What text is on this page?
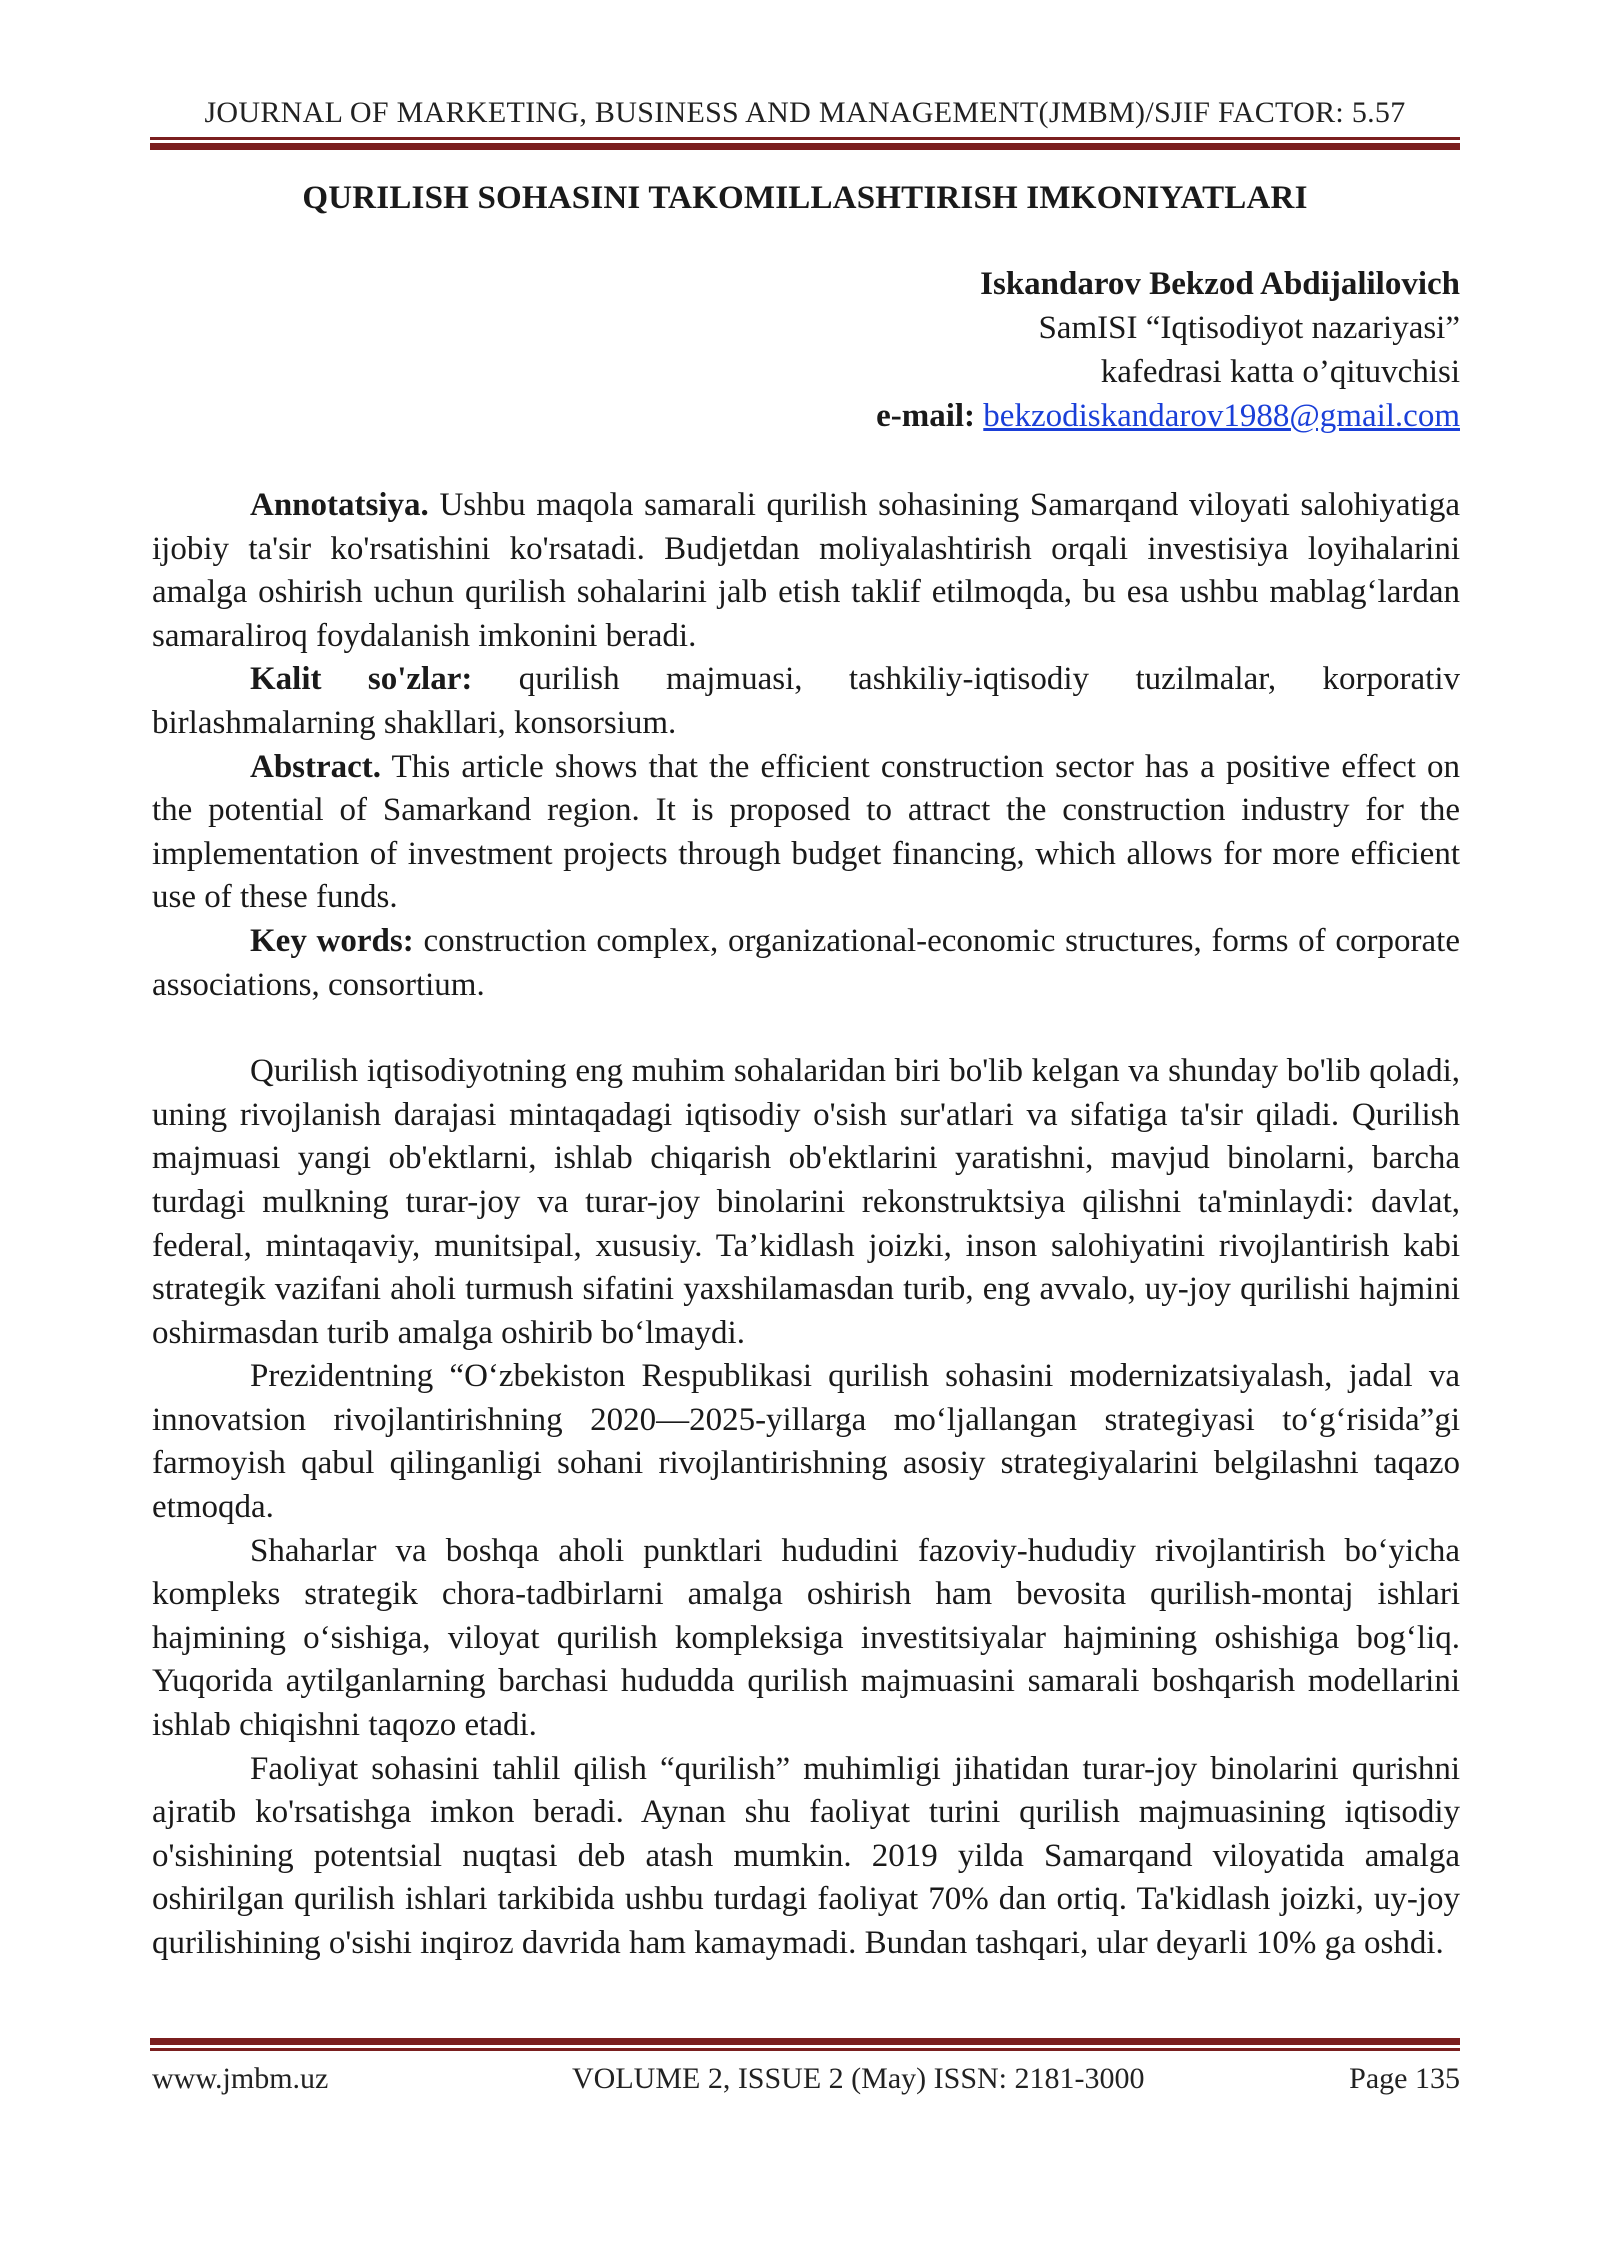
JOURNAL OF MARKETING, BUSINESS AND MANAGEMENT(JMBM)/SJIF FACTOR: 5.57
QURILISH SOHASINI TAKOMILLASHTIRISH IMKONIYATLARI
Iskandarov Bekzod Abdijalilovich
SamISI “Iqtisodiyot nazariyasi”
kafedrasi katta o’qituvchisi
e-mail: bekzodiskandarov1988@gmail.com

Annotatsiya. Ushbu maqola samarali qurilish sohasining Samarqand viloyati salohiyatiga ijobiy ta'sir ko'rsatishini ko'rsatadi. Budjetdan moliyalashtirish orqali investisiya loyihalarini amalga oshirish uchun qurilish sohalarini jalb etish taklif etilmoqda, bu esa ushbu mablag‘lardan samaraliroq foydalanish imkonini beradi.

Kalit so'zlar: qurilish majmuasi, tashkiliy-iqtisodiy tuzilmalar, korporativ birlashmalarning shakllari, konsorsium.

Abstract. This article shows that the efficient construction sector has a positive effect on the potential of Samarkand region. It is proposed to attract the construction industry for the implementation of investment projects through budget financing, which allows for more efficient use of these funds.

Key words: construction complex, organizational-economic structures, forms of corporate associations, consortium.

Qurilish iqtisodiyotning eng muhim sohalaridan biri bo'lib kelgan va shunday bo'lib qoladi, uning rivojlanish darajasi mintaqadagi iqtisodiy o'sish sur'atlari va sifatiga ta'sir qiladi. Qurilish majmuasi yangi ob'ektlarni, ishlab chiqarish ob'ektlarini yaratishni, mavjud binolarni, barcha turdagi mulkning turar-joy va turar-joy binolarini rekonstruktsiya qilishni ta'minlaydi: davlat, federal, mintaqaviy, munitsipal, xususiy. Ta’kidlash joizki, inson salohiyatini rivojlantirish kabi strategik vazifani aholi turmush sifatini yaxshilamasdan turib, eng avvalo, uy-joy qurilishi hajmini oshirmasdan turib amalga oshirib bo‘lmaydi.

Prezidentning “O‘zbekiston Respublikasi qurilish sohasini modernizatsiyalash, jadal va innovatsion rivojlantirishning 2020—2025-yillarga mo‘ljallangan strategiyasi to‘g‘risida”gi farmoyish qabul qilinganligi sohani rivojlantirishning asosiy strategiyalarini belgilashni taqazo etmoqda.

Shaharlar va boshqa aholi punktlari hududini fazoviy-hududiy rivojlantirish bo‘yicha kompleks strategik chora-tadbirlarni amalga oshirish ham bevosita qurilish-montaj ishlari hajmining o‘sishiga, viloyat qurilish kompleksiga investitsiyalar hajmining oshishiga bog‘liq. Yuqorida aytilganlarning barchasi hududda qurilish majmuasini samarali boshqarish modellarini ishlab chiqishni taqozo etadi.

Faoliyat sohasini tahlil qilish “qurilish” muhimligi jihatidan turar-joy binolarini qurishni ajratib ko'rsatishga imkon beradi. Aynan shu faoliyat turini qurilish majmuasining iqtisodiy o'sishining potentsial nuqtasi deb atash mumkin. 2019 yilda Samarqand viloyatida amalga oshirilgan qurilish ishlari tarkibida ushbu turdagi faoliyat 70% dan ortiq. Ta'kidlash joizki, uy-joy qurilishining o'sishi inqiroz davrida ham kamaymadi. Bundan tashqari, ular deyarli 10% ga oshdi.

www.jmbm.uz	VOLUME 2, ISSUE 2 (May) ISSN: 2181-3000	Page 135
